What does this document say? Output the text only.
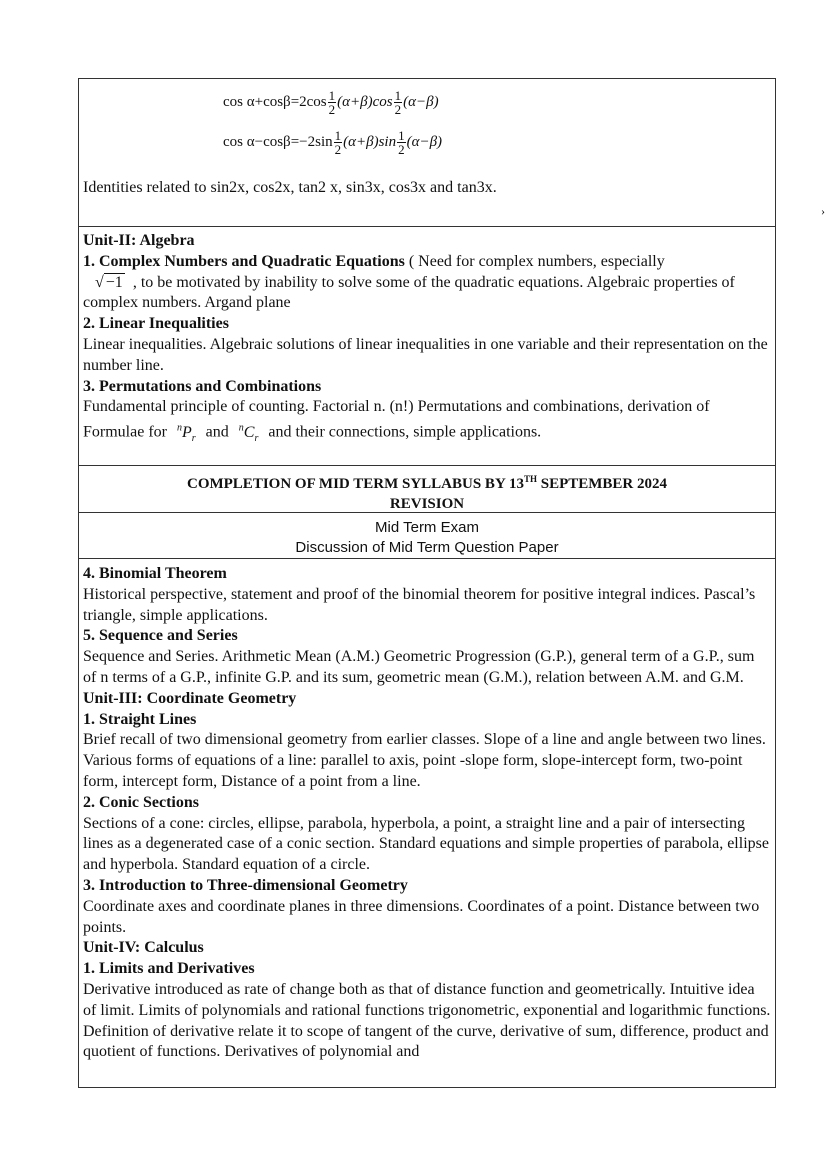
$\cos \alpha+\cos\beta=2\cos \frac{1}{2} (\alpha+\beta)\cos \frac{1}{2} (\alpha-\beta)$
$\cos \alpha-\cos\beta=-2\sin \frac{1}{2} (\alpha+\beta)\sin \frac{1}{2} (\alpha-\beta)$
Identities related to sin2x, cos2x, tan2 x, sin3x, cos3x and tan3x.
Unit-II: Algebra
1. Complex Numbers and Quadratic Equations ( Need for complex numbers, especially
√ −1 , to be motivated by inability to solve some of the quadratic equations. Algebraic properties of complex numbers. Argand plane
2. Linear Inequalities
Linear inequalities. Algebraic solutions of linear inequalities in one variable and their representation on the number line.
3. Permutations and Combinations
Fundamental principle of counting. Factorial n. (n!) Permutations and combinations, derivation of Formulae for $^nP_r$ and $^nC_r$ and their connections, simple applications.
COMPLETION OF MID TERM SYLLABUS BY 13TH SEPTEMBER 2024
REVISION
Mid Term Exam
Discussion of Mid Term Question Paper
4. Binomial Theorem
Historical perspective, statement and proof of the binomial theorem for positive integral indices. Pascal’s triangle, simple applications.
5. Sequence and Series
Sequence and Series. Arithmetic Mean (A.M.) Geometric Progression (G.P.), general term of a G.P., sum of n terms of a G.P., infinite G.P. and its sum, geometric mean (G.M.), relation between A.M. and G.M.
Unit-III: Coordinate Geometry
1. Straight Lines
Brief recall of two dimensional geometry from earlier classes. Slope of a line and angle between two lines. Various forms of equations of a line: parallel to axis, point -slope form, slope-intercept form, two-point form, intercept form, Distance of a point from a line.
2. Conic Sections
Sections of a cone: circles, ellipse, parabola, hyperbola, a point, a straight line and a pair of intersecting lines as a degenerated case of a conic section. Standard equations and simple properties of parabola, ellipse and hyperbola. Standard equation of a circle.
3. Introduction to Three-dimensional Geometry
Coordinate axes and coordinate planes in three dimensions. Coordinates of a point. Distance between two points.
Unit-IV: Calculus
1. Limits and Derivatives
Derivative introduced as rate of change both as that of distance function and geometrically. Intuitive idea of limit. Limits of polynomials and rational functions trigonometric, exponential and logarithmic functions. Definition of derivative relate it to scope of tangent of the curve, derivative of sum, difference, product and quotient of functions. Derivatives of polynomial and
›
